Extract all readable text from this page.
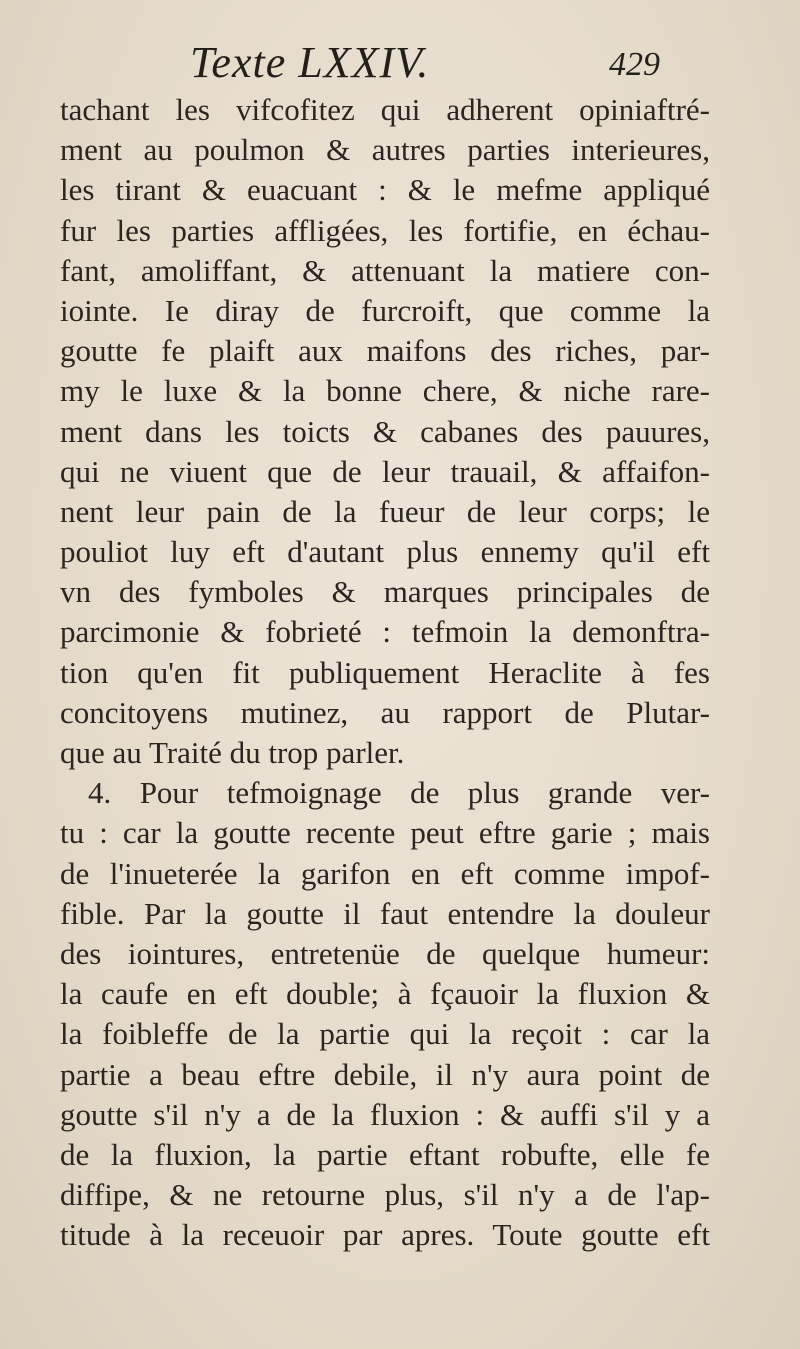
Texte LXXIV.	429
tachant les vifcofitez qui adherent opiniaftré-
ment au poulmon & autres parties interieures,
les tirant & euacuant : & le mefme appliqué
fur les parties affligées, les fortifie, en échau-
fant, amoliffant, & attenuant la matiere con-
iointe. Ie diray de furcroift, que comme la
goutte fe plaift aux maifons des riches, par-
my le luxe & la bonne chere, & niche rare-
ment dans les toicts & cabanes des pauures,
qui ne viuent que de leur trauail, & affaifon-
nent leur pain de la fueur de leur corps; le
pouliot luy eft d'autant plus ennemy qu'il eft
vn des fymboles & marques principales de
parcimonie & fobrieté : tefmoin la demonftra-
tion qu'en fit publiquement Heraclite à fes
concitoyens mutinez, au rapport de Plutar-
que au Traité du trop parler.
4. Pour tefmoignage de plus grande ver-
tu : car la goutte recente peut eftre garie ; mais
de l'inueterée la garifon en eft comme impof-
fible. Par la goutte il faut entendre la douleur
des iointures, entretenüe de quelque humeur:
la caufe en eft double; à fçauoir la fluxion &
la foibleffe de la partie qui la reçoit : car la
partie a beau eftre debile, il n'y aura point de
goutte s'il n'y a de la fluxion : & auffi s'il y a
de la fluxion, la partie eftant robufte, elle fe
diffipe, & ne retourne plus, s'il n'y a de l'ap-
titude à la receuoir par apres. Toute goutte eft
